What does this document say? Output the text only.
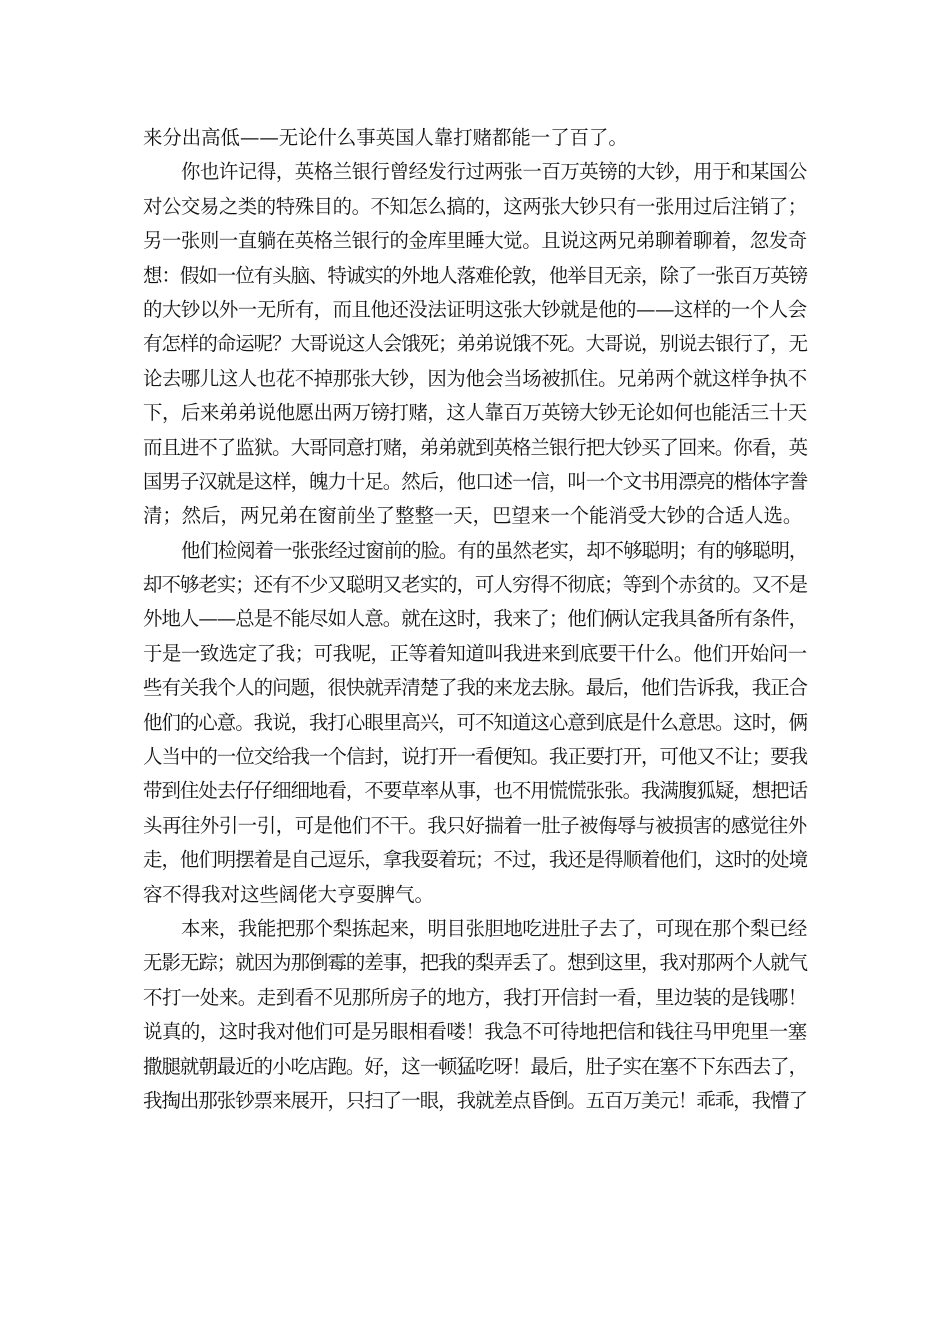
来分出高低——无论什么事英国人靠打赌都能一了百了。
你也许记得，英格兰银行曾经发行过两张一百万英镑的大钞，用于和某国公
对公交易之类的特殊目的。不知怎么搞的，这两张大钞只有一张用过后注销了；
另一张则一直躺在英格兰银行的金库里睡大觉。且说这两兄弟聊着聊着，忽发奇
想：假如一位有头脑、特诚实的外地人落难伦敦，他举目无亲，除了一张百万英镑
的大钞以外一无所有，而且他还没法证明这张大钞就是他的——这样的一个人会
有怎样的命运呢？大哥说这人会饿死；弟弟说饿不死。大哥说，别说去银行了，无
论去哪儿这人也花不掉那张大钞，因为他会当场被抓住。兄弟两个就这样争执不
下，后来弟弟说他愿出两万镑打赌，这人靠百万英镑大钞无论如何也能活三十天
而且进不了监狱。大哥同意打赌，弟弟就到英格兰银行把大钞买了回来。你看，英
国男子汉就是这样，魄力十足。然后，他口述一信，叫一个文书用漂亮的楷体字誊
清；然后，两兄弟在窗前坐了整整一天，巴望来一个能消受大钞的合适人选。
他们检阅着一张张经过窗前的脸。有的虽然老实，却不够聪明；有的够聪明，
却不够老实；还有不少又聪明又老实的，可人穷得不彻底；等到个赤贫的。又不是
外地人——总是不能尽如人意。就在这时，我来了；他们俩认定我具备所有条件，
于是一致选定了我；可我呢，正等着知道叫我进来到底要干什么。他们开始问一
些有关我个人的问题，很快就弄清楚了我的来龙去脉。最后，他们告诉我，我正合
他们的心意。我说，我打心眼里高兴，可不知道这心意到底是什么意思。这时，俩
人当中的一位交给我一个信封，说打开一看便知。我正要打开，可他又不让；要我
带到住处去仔仔细细地看，不要草率从事，也不用慌慌张张。我满腹狐疑，想把话
头再往外引一引，可是他们不干。我只好揣着一肚子被侮辱与被损害的感觉往外
走，他们明摆着是自己逗乐，拿我耍着玩；不过，我还是得顺着他们，这时的处境
容不得我对这些阔佬大亨耍脾气。
本来，我能把那个梨拣起来，明目张胆地吃进肚子去了，可现在那个梨已经
无影无踪；就因为那倒霉的差事，把我的梨弄丢了。想到这里，我对那两个人就气
不打一处来。走到看不见那所房子的地方，我打开信封一看，里边装的是钱哪！
说真的，这时我对他们可是另眼相看喽！我急不可待地把信和钱往马甲兜里一塞
撒腿就朝最近的小吃店跑。好，这一顿猛吃呀！最后，肚子实在塞不下东西去了，
我掏出那张钞票来展开，只扫了一眼，我就差点昏倒。五百万美元！乖乖，我懵了
